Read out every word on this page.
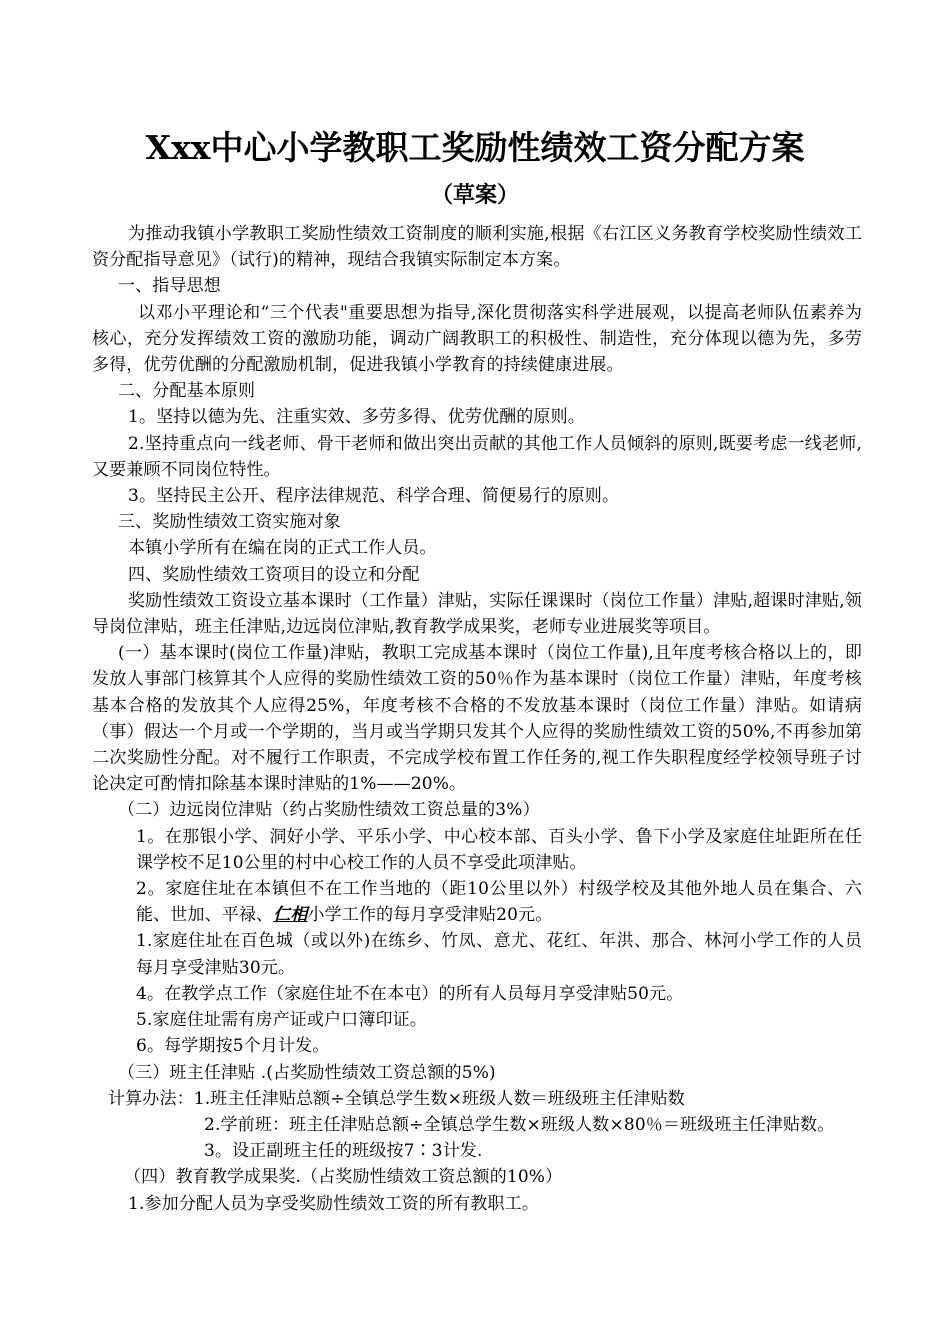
Xxx中心小学教职工奖励性绩效工资分配方案
（草案）

为推动我镇小学教职工奖励性绩效工资制度的顺利实施,根据《右江区义务教育学校奖励性绩效工资分配指导意见》（试行)的精神，现结合我镇实际制定本方案。

一、指导思想

以邓小平理论和“三个代表"重要思想为指导,深化贯彻落实科学进展观，以提高老师队伍素养为核心，充分发挥绩效工资的激励功能，调动广阔教职工的积极性、制造性，充分体现以德为先，多劳多得，优劳优酬的分配激励机制，促进我镇小学教育的持续健康进展。

二、分配基本原则

1。坚持以德为先、注重实效、多劳多得、优劳优酬的原则。

2.坚持重点向一线老师、骨干老师和做出突出贡献的其他工作人员倾斜的原则,既要考虑一线老师,又要兼顾不同岗位特性。

3。坚持民主公开、程序法律规范、科学合理、简便易行的原则。

三、奖励性绩效工资实施对象

本镇小学所有在编在岗的正式工作人员。

四、奖励性绩效工资项目的设立和分配

奖励性绩效工资设立基本课时（工作量）津贴，实际任课课时（岗位工作量）津贴,超课时津贴,领导岗位津贴，班主任津贴,边远岗位津贴,教育教学成果奖，老师专业进展奖等项目。

(一）基本课时(岗位工作量)津贴，教职工完成基本课时（岗位工作量),且年度考核合格以上的，即发放人事部门核算其个人应得的奖励性绩效工资的50％作为基本课时（岗位工作量）津贴，年度考核基本合格的发放其个人应得25%，年度考核不合格的不发放基本课时（岗位工作量）津贴。如请病（事）假达一个月或一个学期的，当月或当学期只发其个人应得的奖励性绩效工资的50%,不再参加第二次奖励性分配。对不履行工作职责，不完成学校布置工作任务的,视工作失职程度经学校领导班子讨论决定可酌情扣除基本课时津贴的1%——20%。

（二）边远岗位津贴（约占奖励性绩效工资总量的3%）

1。在那银小学、洞好小学、平乐小学、中心校本部、百头小学、鲁下小学及家庭住址距所在任课学校不足10公里的村中心校工作的人员不享受此项津贴。

2。家庭住址在本镇但不在工作当地的（距10公里以外）村级学校及其他外地人员在集合、六能、世加、平禄、仁相小学工作的每月享受津贴20元。

1.家庭住址在百色城（或以外)在练乡、竹凤、意尤、花红、年洪、那合、林河小学工作的人员每月享受津贴30元。

4。在教学点工作（家庭住址不在本屯）的所有人员每月享受津贴50元。

5.家庭住址需有房产证或户口簿印证。

6。每学期按5个月计发。

（三）班主任津贴 .(占奖励性绩效工资总额的5%)

计算办法：1.班主任津贴总额÷全镇总学生数×班级人数＝班级班主任津贴数

2.学前班：班主任津贴总额÷全镇总学生数×班级人数×80％＝班级班主任津贴数。

3。设正副班主任的班级按7∶3计发.

（四）教育教学成果奖.（占奖励性绩效工资总额的10%）

1.参加分配人员为享受奖励性绩效工资的所有教职工。
